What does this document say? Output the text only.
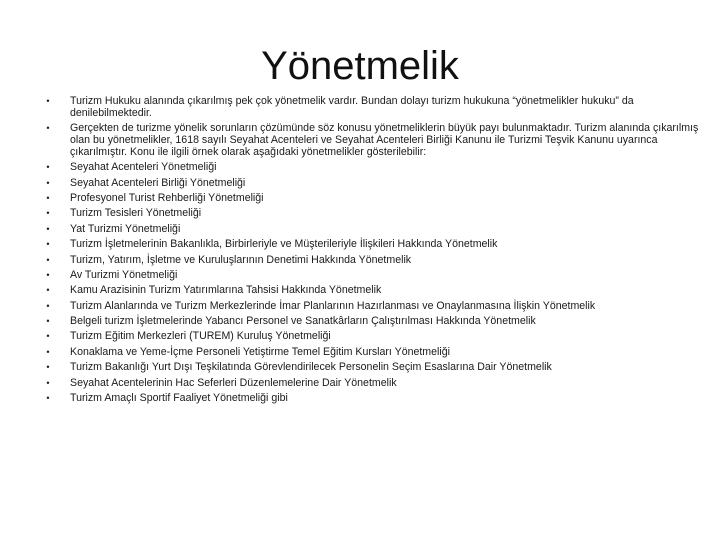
Yönetmelik
•	Turizm Hukuku alanında çıkarılmış pek çok yönetmelik vardır. Bundan dolayı turizm hukukuna “yönetmelikler hukuku” da denilebilmektedir.
•	Gerçekten de turizme yönelik sorunların çözümünde söz konusu yönetmeliklerin büyük payı bulunmaktadır. Turizm alanında çıkarılmış olan bu yönetmelikler, 1618 sayılı Seyahat Acenteleri ve Seyahat Acenteleri Birliği Kanunu ile Turizmi Teşvik Kanunu uyarınca çıkarılmıştır. Konu ile ilgili örnek olarak aşağıdaki yönetmelikler gösterilebilir:
•	Seyahat Acenteleri Yönetmeliği
•	Seyahat Acenteleri Birliği Yönetmeliği
•	Profesyonel Turist Rehberliği Yönetmeliği
•	Turizm Tesisleri Yönetmeliği
•	Yat Turizmi Yönetmeliği
•	Turizm İşletmelerinin Bakanlıkla, Birbirleriyle ve Müşterileriyle İlişkileri Hakkında Yönetmelik
•	Turizm, Yatırım, İşletme ve Kuruluşlarının Denetimi Hakkında Yönetmelik
•	Av Turizmi Yönetmeliği
•	Kamu Arazisinin Turizm Yatırımlarına Tahsisi Hakkında Yönetmelik
•	Turizm Alanlarında ve Turizm Merkezlerinde İmar Planlarının Hazırlanması ve Onaylanmasına İlişkin Yönetmelik
•	Belgeli turizm İşletmelerinde Yabancı Personel ve Sanatkârların Çalıştırılması Hakkında Yönetmelik
•	Turizm Eğitim Merkezleri (TUREM) Kuruluş Yönetmeliği
•	Konaklama ve Yeme-İçme Personeli Yetiştirme Temel Eğitim Kursları Yönetmeliği
•	Turizm Bakanlığı Yurt Dışı Teşkilatında Görevlendirilecek Personelin Seçim Esaslarına Dair Yönetmelik
•	Seyahat Acentelerinin Hac Seferleri Düzenlemelerine Dair Yönetmelik
•	Turizm Amaçlı Sportif Faaliyet Yönetmeliği gibi
